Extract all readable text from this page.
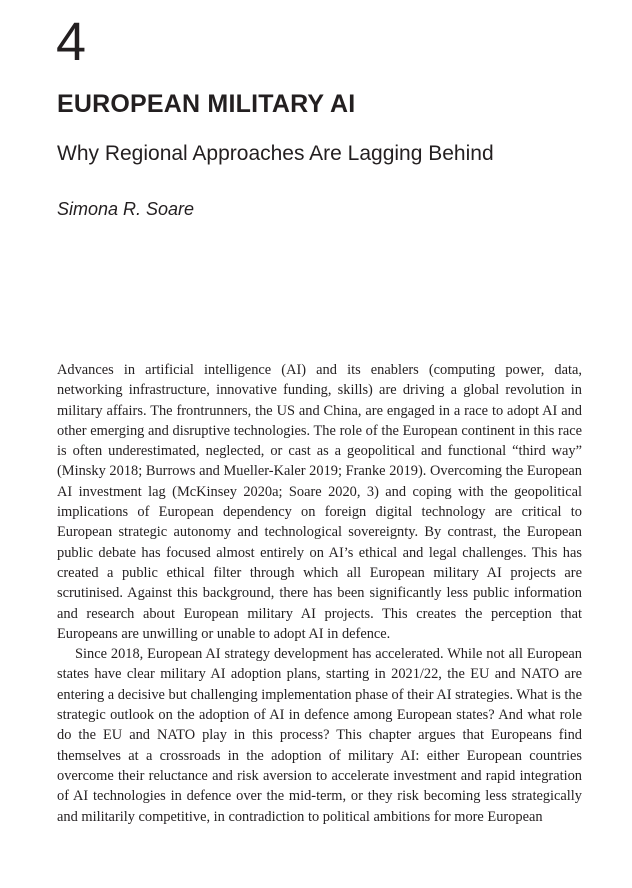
4
EUROPEAN MILITARY AI
Why Regional Approaches Are Lagging Behind

Simona R. Soare

Advances in artificial intelligence (AI) and its enablers (computing power, data, networking infrastructure, innovative funding, skills) are driving a global revolution in military affairs. The frontrunners, the US and China, are engaged in a race to adopt AI and other emerging and disruptive technologies. The role of the European continent in this race is often underestimated, neglected, or cast as a geopolitical and functional “third way” (Minsky 2018; Burrows and Mueller-Kaler 2019; Franke 2019). Overcoming the European AI investment lag (McKinsey 2020a; Soare 2020, 3) and coping with the geopolitical implications of European dependency on foreign digital technology are critical to European strategic autonomy and technological sovereignty. By contrast, the European public debate has focused almost entirely on AI’s ethical and legal challenges. This has created a public ethical filter through which all European military AI projects are scrutinised. Against this background, there has been significantly less public information and research about European military AI projects. This creates the perception that Europeans are unwilling or unable to adopt AI in defence.

Since 2018, European AI strategy development has accelerated. While not all European states have clear military AI adoption plans, starting in 2021/22, the EU and NATO are entering a decisive but challenging implementation phase of their AI strategies. What is the strategic outlook on the adoption of AI in defence among European states? And what role do the EU and NATO play in this process? This chapter argues that Europeans find themselves at a crossroads in the adoption of military AI: either European countries overcome their reluctance and risk aversion to accelerate investment and rapid integration of AI technologies in defence over the mid-term, or they risk becoming less strategically and militarily competitive, in contradiction to political ambitions for more European
